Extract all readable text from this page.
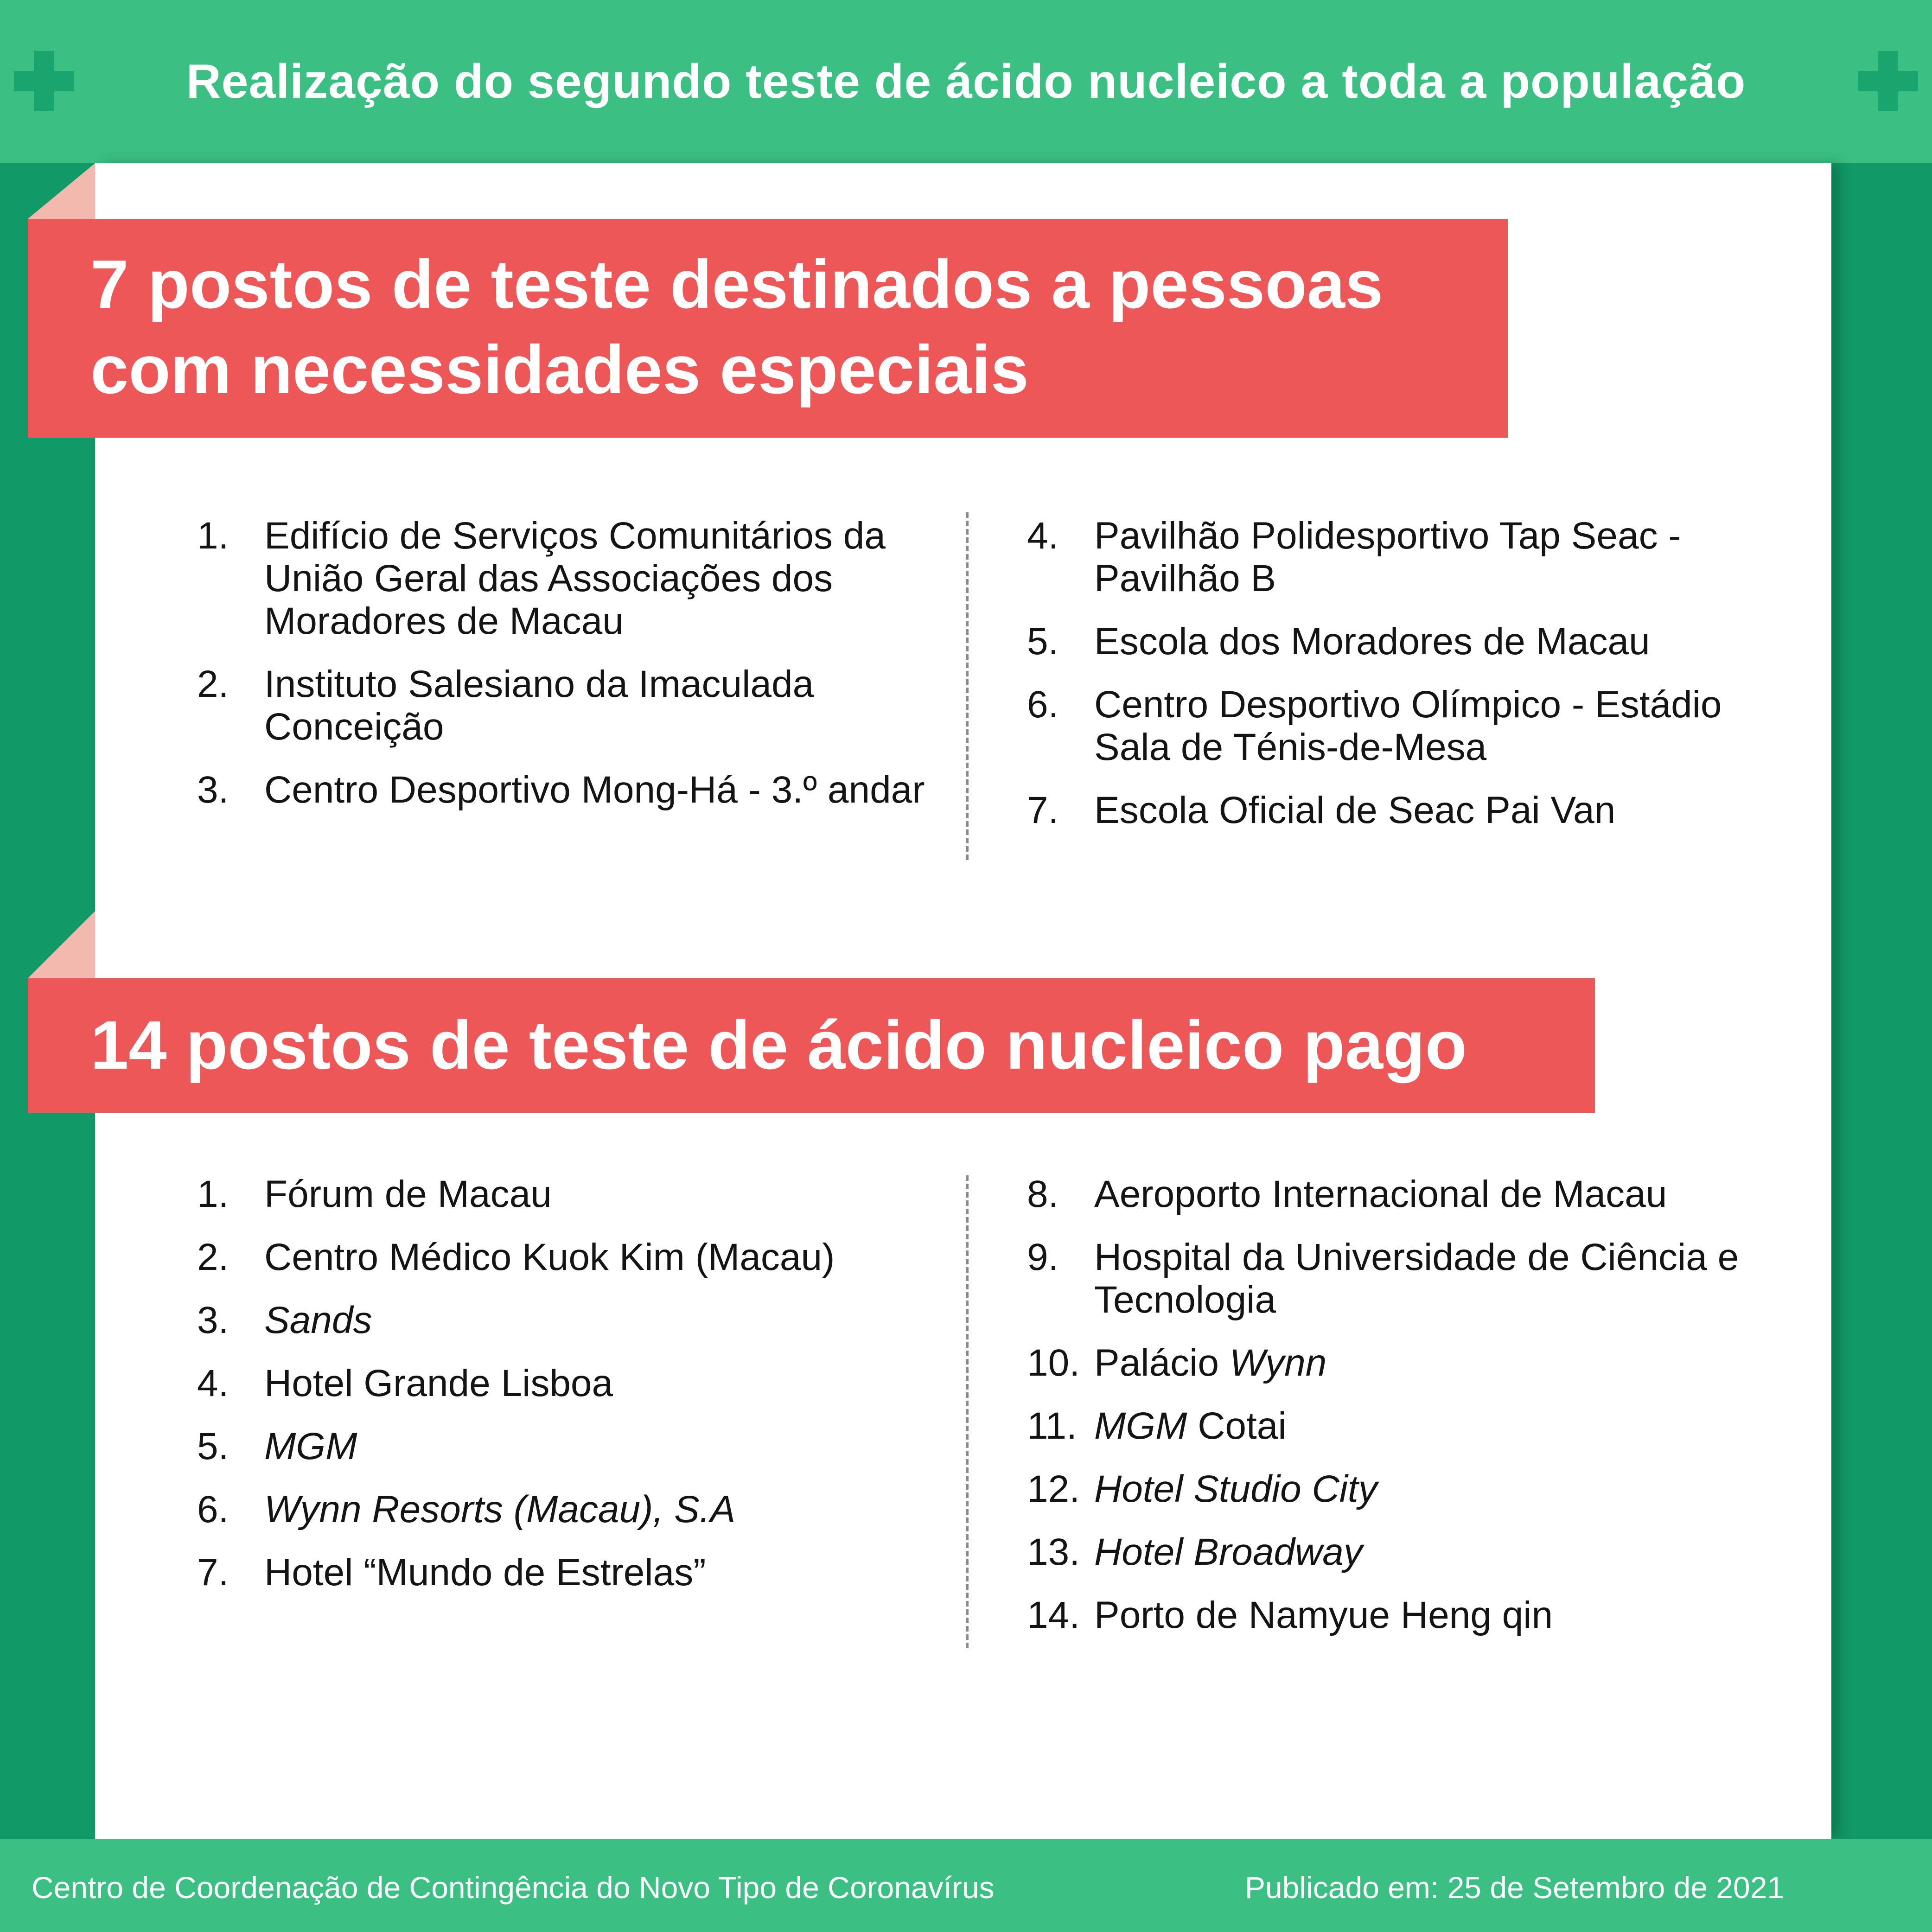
Realização do segundo teste de ácido nucleico a toda a população
7 postos de teste destinados a pessoas
com necessidades especiais
1. Edifício de Serviços Comunitários da União Geral das Associações dos Moradores de Macau
2. Instituto Salesiano da Imaculada Conceição
3. Centro Desportivo Mong-Há - 3.º andar
4. Pavilhão Polidesportivo Tap Seac - Pavilhão B
5. Escola dos Moradores de Macau
6. Centro Desportivo Olímpico - Estádio Sala de Ténis-de-Mesa
7. Escola Oficial de Seac Pai Van
14 postos de teste de ácido nucleico pago
1. Fórum de Macau
2. Centro Médico Kuok Kim (Macau)
3. Sands
4. Hotel Grande Lisboa
5. MGM
6. Wynn Resorts (Macau), S.A
7. Hotel “Mundo de Estrelas”
8. Aeroporto Internacional de Macau
9. Hospital da Universidade de Ciência e Tecnologia
10. Palácio Wynn
11. MGM Cotai
12. Hotel Studio City
13. Hotel Broadway
14. Porto de Namyue Heng qin
Centro de Coordenação de Contingência do Novo Tipo de Coronavírus	Publicado em: 25 de Setembro de 2021
